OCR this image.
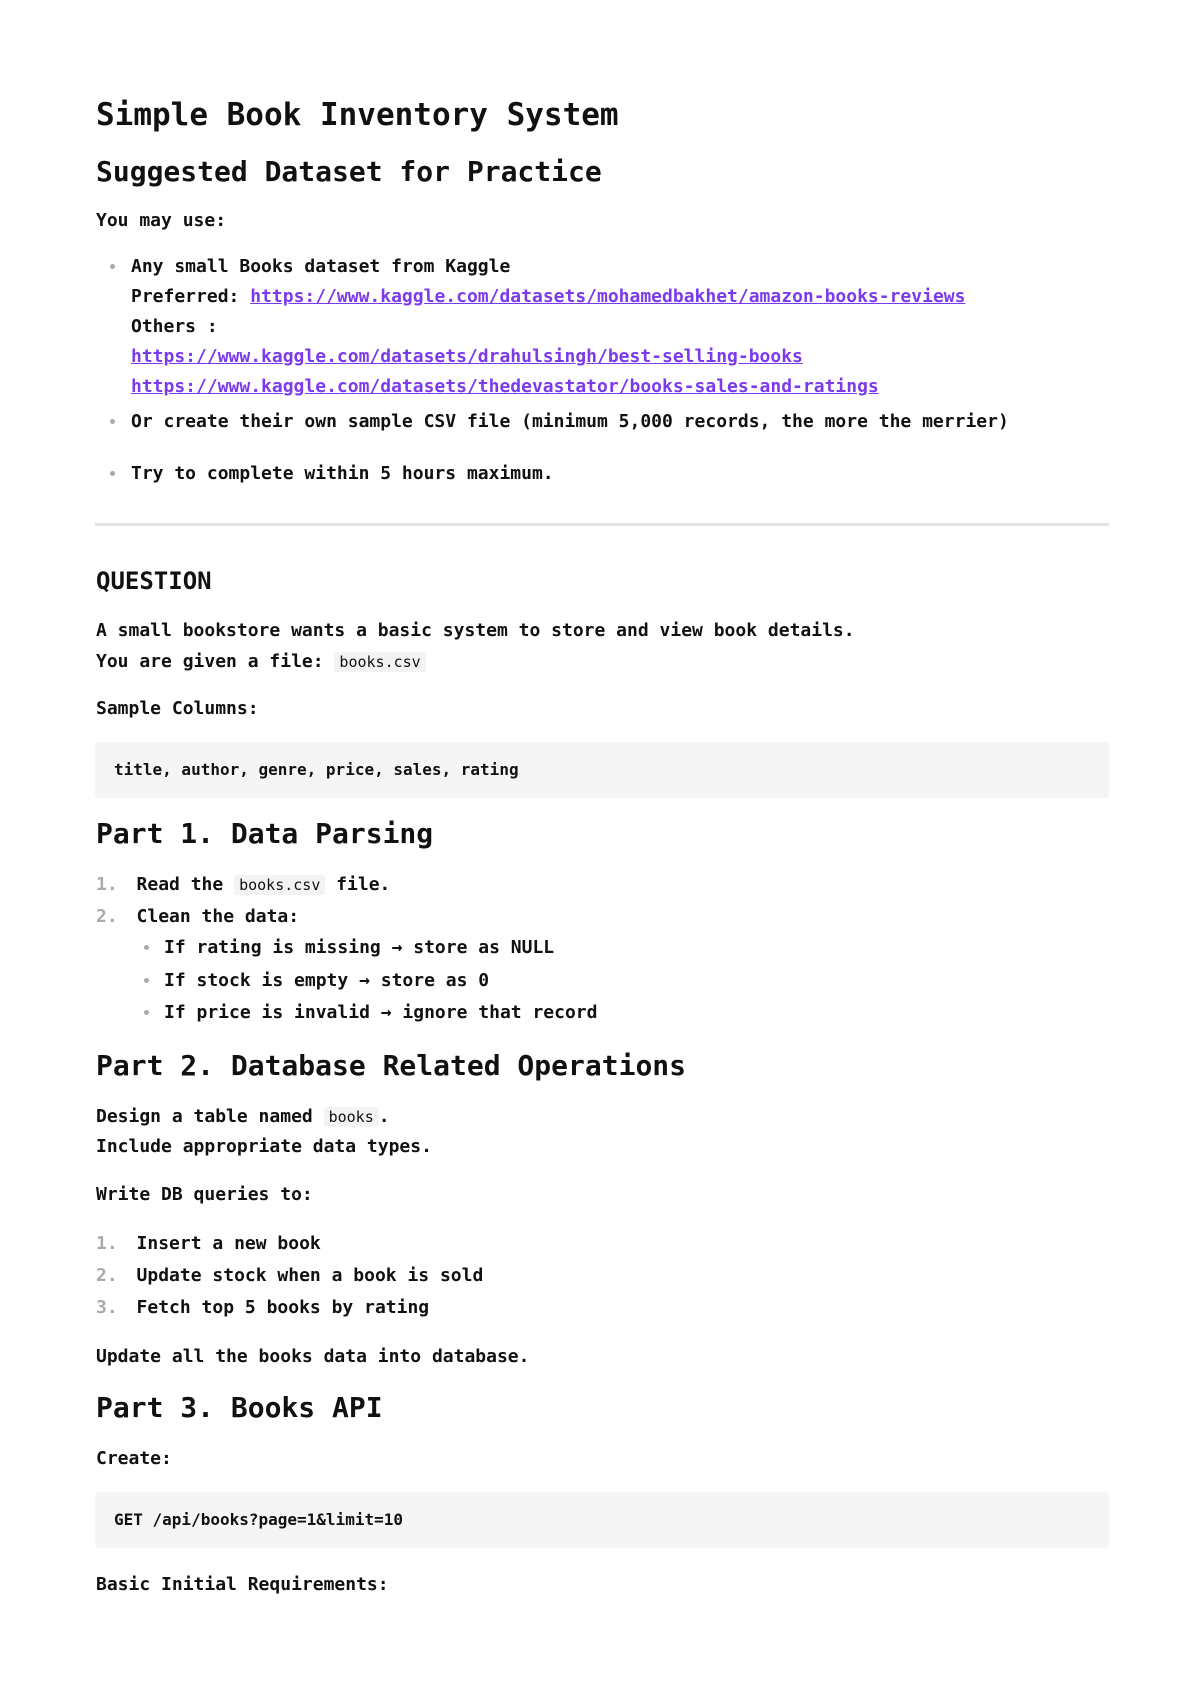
Simple Book Inventory System
Suggested Dataset for Practice

You may use:

Any small Books dataset from Kaggle
Preferred: https://www.kaggle.com/datasets/mohamedbakhet/amazon-books-reviews
Others :
https://www.kaggle.com/datasets/drahulsingh/best-selling-books
https://www.kaggle.com/datasets/thedevastator/books-sales-and-ratings

Or create their own sample CSV file (minimum 5,000 records, the more the merrier)

Try to complete within 5 hours maximum.

QUESTION

A small bookstore wants a basic system to store and view book details.

You are given a file: books.csv

Sample Columns:

title, author, genre, price, sales, rating
Part 1. Data Parsing

1. Read the books.csv file.

2. Clean the data:

If rating is missing → store as NULL

If stock is empty → store as 0

If price is invalid → ignore that record

Part 2. Database Related Operations

Design a table named books .

Include appropriate data types.

Write DB queries to:

1. Insert a new book

2. Update stock when a book is sold

3. Fetch top 5 books by rating

Update all the books data into database.

Part 3. Books API

Create:

GET /api/books?page=1&limit=10

Basic Initial Requirements:
